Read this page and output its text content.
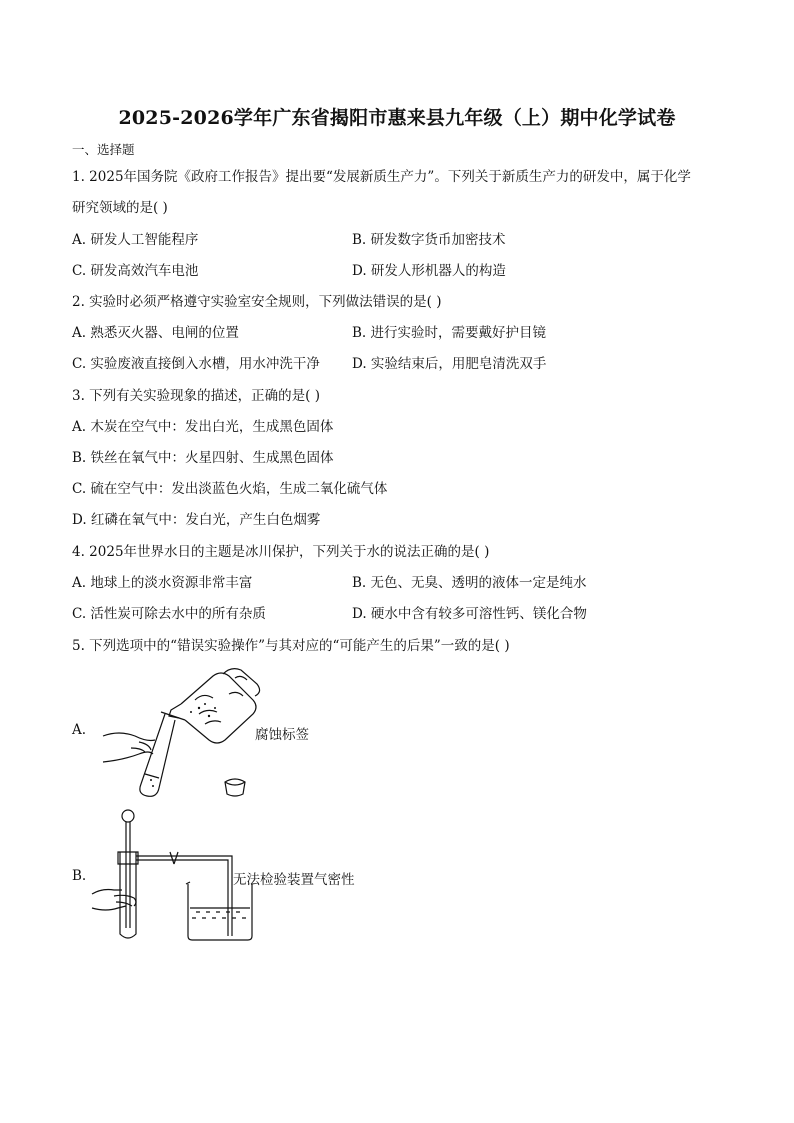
2025-2026学年广东省揭阳市惠来县九年级（上）期中化学试卷
一、选择题
1. 2025年国务院《政府工作报告》提出要“发展新质生产力”。下列关于新质生产力的研发中，属于化学
研究领域的是( )
A. 研发人工智能程序	B. 研发数字货币加密技术
C. 研发高效汽车电池	D. 研发人形机器人的构造
2. 实验时必须严格遵守实验室安全规则，下列做法错误的是( )
A. 熟悉灭火器、电闸的位置	B. 进行实验时，需要戴好护目镜
C. 实验废液直接倒入水槽，用水冲洗干净 D. 实验结束后，用肥皂清洗双手
3. 下列有关实验现象的描述，正确的是( )
A. 木炭在空气中：发出白光，生成黑色固体
B. 铁丝在氧气中：火星四射、生成黑色固体
C. 硫在空气中：发出淡蓝色火焰，生成二氧化硫气体
D. 红磷在氧气中：发白光，产生白色烟雾
4. 2025年世界水日的主题是冰川保护，下列关于水的说法正确的是( )
A. 地球上的淡水资源非常丰富	B. 无色、无臭、透明的液体一定是纯水
C. 活性炭可除去水中的所有杂质	D. 硬水中含有较多可溶性钙、镁化合物
5. 下列选项中的“错误实验操作”与其对应的“可能产生的后果”一致的是( )
A.	腐蚀标签
B.	无法检验装置气密性
